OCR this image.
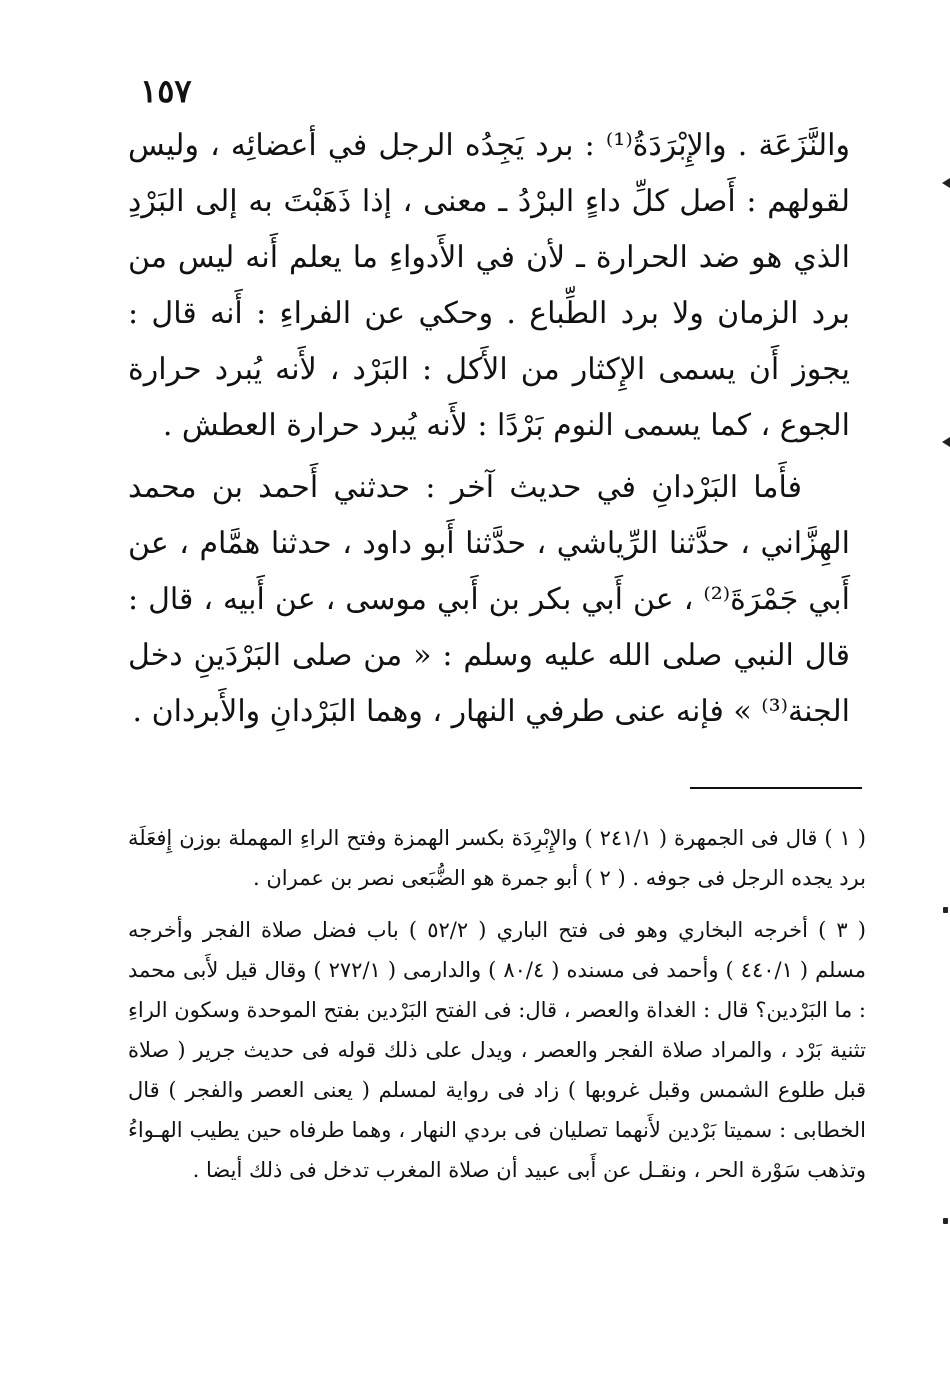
١٥٧

والنَّزَعَة . والإِبْرَدَةُ⁽¹⁾ : برد يَجِدُه الرجل في أعضائِه ، وليس لقولهم : أَصل كلِّ داءٍ البرْدُ ـ معنى ، إذا ذَهَبْتَ به إلى البَرْدِ الذي هو ضد الحرارة ـ لأن في الأَدواءِ ما يعلم أَنه ليس من برد الزمان ولا برد الطِّباع . وحكي عن الفراءِ : أَنه قال : يجوز أَن يسمى الإِكثار من الأَكل : البَرْد ، لأَنه يُبرد حرارة الجوع ، كما يسمى النوم بَرْدًا : لأَنه يُبرد حرارة العطش .

فأَما البَرْدانِ في حديث آخر : حدثني أَحمد بن محمد الهِزَّاني ، حدَّثنا الرِّياشي ، حدَّثنا أَبو داود ، حدثنا همَّام ، عن أَبي جَمْرَةَ⁽²⁾ ، عن أَبي بكر بن أَبي موسى ، عن أَبيه ، قال : قال النبي صلى الله عليه وسلم : « من صلى البَرْدَينِ دخل الجنة⁽³⁾ » فإنه عنى طرفي النهار ، وهما البَرْدانِ والأَبردان .

( ١ ) قال فى الجمهرة ( ٢٤١/١ ) والإِبْرِدَة بكسر الهمزة وفتح الراءِ المهملة بوزن إِفعَلَة برد يجده الرجل فى جوفه . ( ٢ ) أبو جمرة هو الضُّبَعى نصر بن عمران .

( ٣ ) أخرجه البخاري وهو فى فتح الباري ( ٥٢/٢ ) باب فضل صلاة الفجر وأخرجه مسلم ( ٤٤٠/١ ) وأحمد فى مسنده ( ٨٠/٤ ) والدارمى ( ٢٧٢/١ ) وقال قيل لأَبى محمد : ما البَرْدين؟ قال : الغداة والعصر ، قال: فى الفتح البَرْدين بفتح الموحدة وسكون الراءِ تثنية بَرْد ، والمراد صلاة الفجر والعصر ، ويدل على ذلك قوله فى حديث جرير ( صلاة قبل طلوع الشمس وقبل غروبها ) زاد فى رواية لمسلم ( يعنى العصر والفجر ) قال الخطابى : سميتا بَرْدين لأَنهما تصليان فى بردي النهار ، وهما طرفاه حين يطيب الهـواءُ وتذهب سَوْرة الحر ، ونقـل عن أَبى عبيد أن صلاة المغرب تدخل فى ذلك أيضا .
